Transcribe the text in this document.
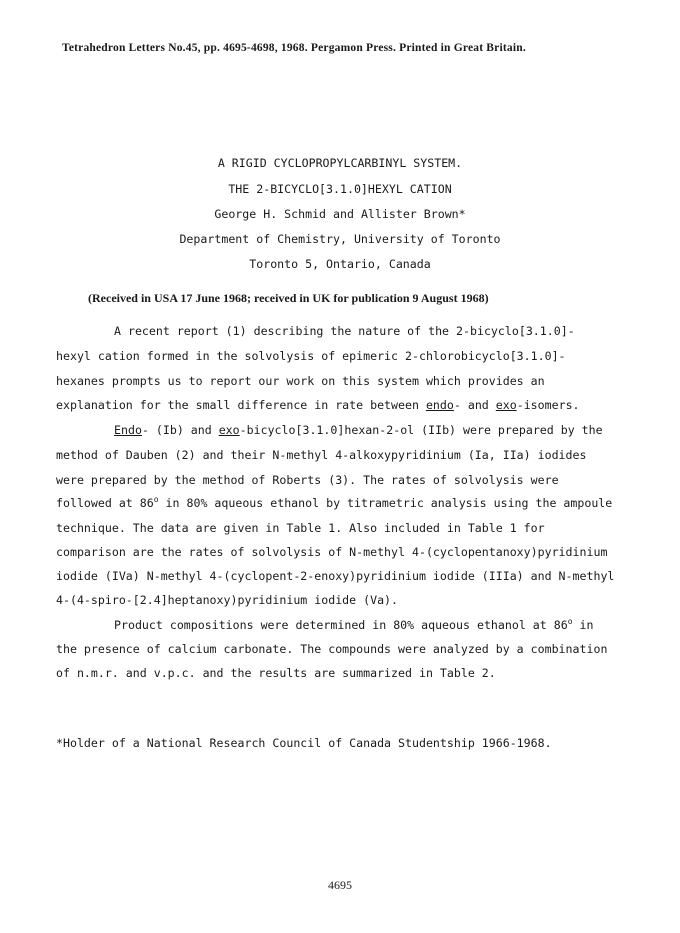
Tetrahedron Letters No.45, pp. 4695-4698, 1968. Pergamon Press. Printed in Great Britain.
A RIGID CYCLOPROPYLCARBINYL SYSTEM.
THE 2-BICYCLO[3.1.0]HEXYL CATION
George H. Schmid and Allister Brown*
Department of Chemistry, University of Toronto
Toronto 5, Ontario, Canada
(Received in USA 17 June 1968; received in UK for publication 9 August 1968)
A recent report (1) describing the nature of the 2-bicyclo[3.1.0]-
hexyl cation formed in the solvolysis of epimeric 2-chlorobicyclo[3.1.0]-
hexanes prompts us to report our work on this system which provides an
explanation for the small difference in rate between endo- and exo-isomers.
Endo- (Ib) and exo-bicyclo[3.1.0]hexan-2-ol (IIb) were prepared by the
method of Dauben (2) and their N-methyl 4-alkoxypyridinium (Ia, IIa) iodides
were prepared by the method of Roberts (3). The rates of solvolysis were
followed at 86$^o$ in 80% aqueous ethanol by titrametric analysis using the ampoule
technique. The data are given in Table 1. Also included in Table 1 for
comparison are the rates of solvolysis of N-methyl 4-(cyclopentanoxy)pyridinium
iodide (IVa) N-methyl 4-(cyclopent-2-enoxy)pyridinium iodide (IIIa) and N-methyl
4-(4-spiro-[2.4]heptanoxy)pyridinium iodide (Va).
Product compositions were determined in 80% aqueous ethanol at 86$^o$ in
the presence of calcium carbonate. The compounds were analyzed by a combination
of n.m.r. and v.p.c. and the results are summarized in Table 2.
*Holder of a National Research Council of Canada Studentship 1966-1968.
4695
